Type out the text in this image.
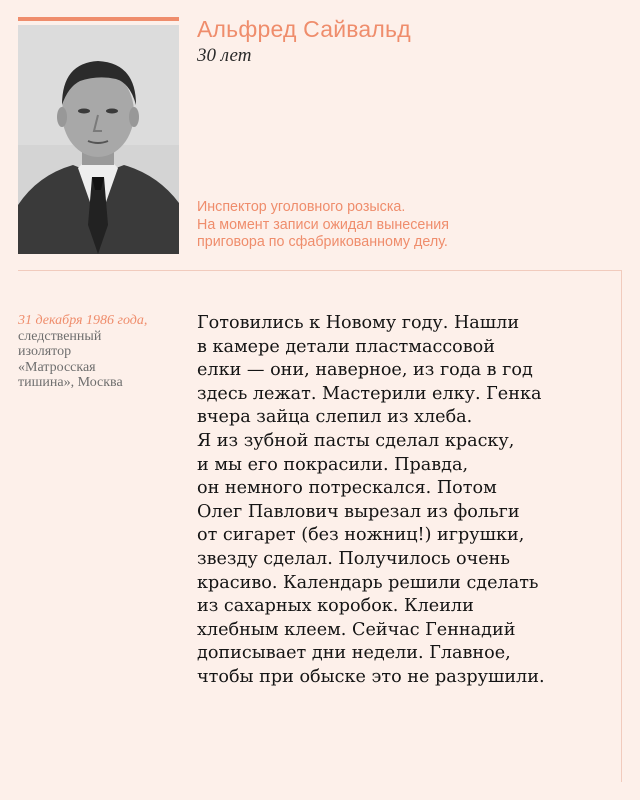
Альфред Сайвальд
30 лет
Инспектор уголовного розыска.
На момент записи ожидал вынесения
приговора по сфабрикованному делу.
31 декабря 1986 года,
следственный
изолятор
«Матросская
тишина», Москва
Готовились к Новому году. Нашли
в камере детали пластмассовой
елки — они, наверное, из года в год
здесь лежат. Мастерили елку. Генка
вчера зайца слепил из хлеба.
Я из зубной пасты сделал краску,
и мы его покрасили. Правда,
он немного потрескался. Потом
Олег Павлович вырезал из фольги
от сигарет (без ножниц!) игрушки,
звезду сделал. Получилось очень
красиво. Календарь решили сделать
из сахарных коробок. Клеили
хлебным клеем. Сейчас Геннадий
дописывает дни недели. Главное,
чтобы при обыске это не разрушили.
